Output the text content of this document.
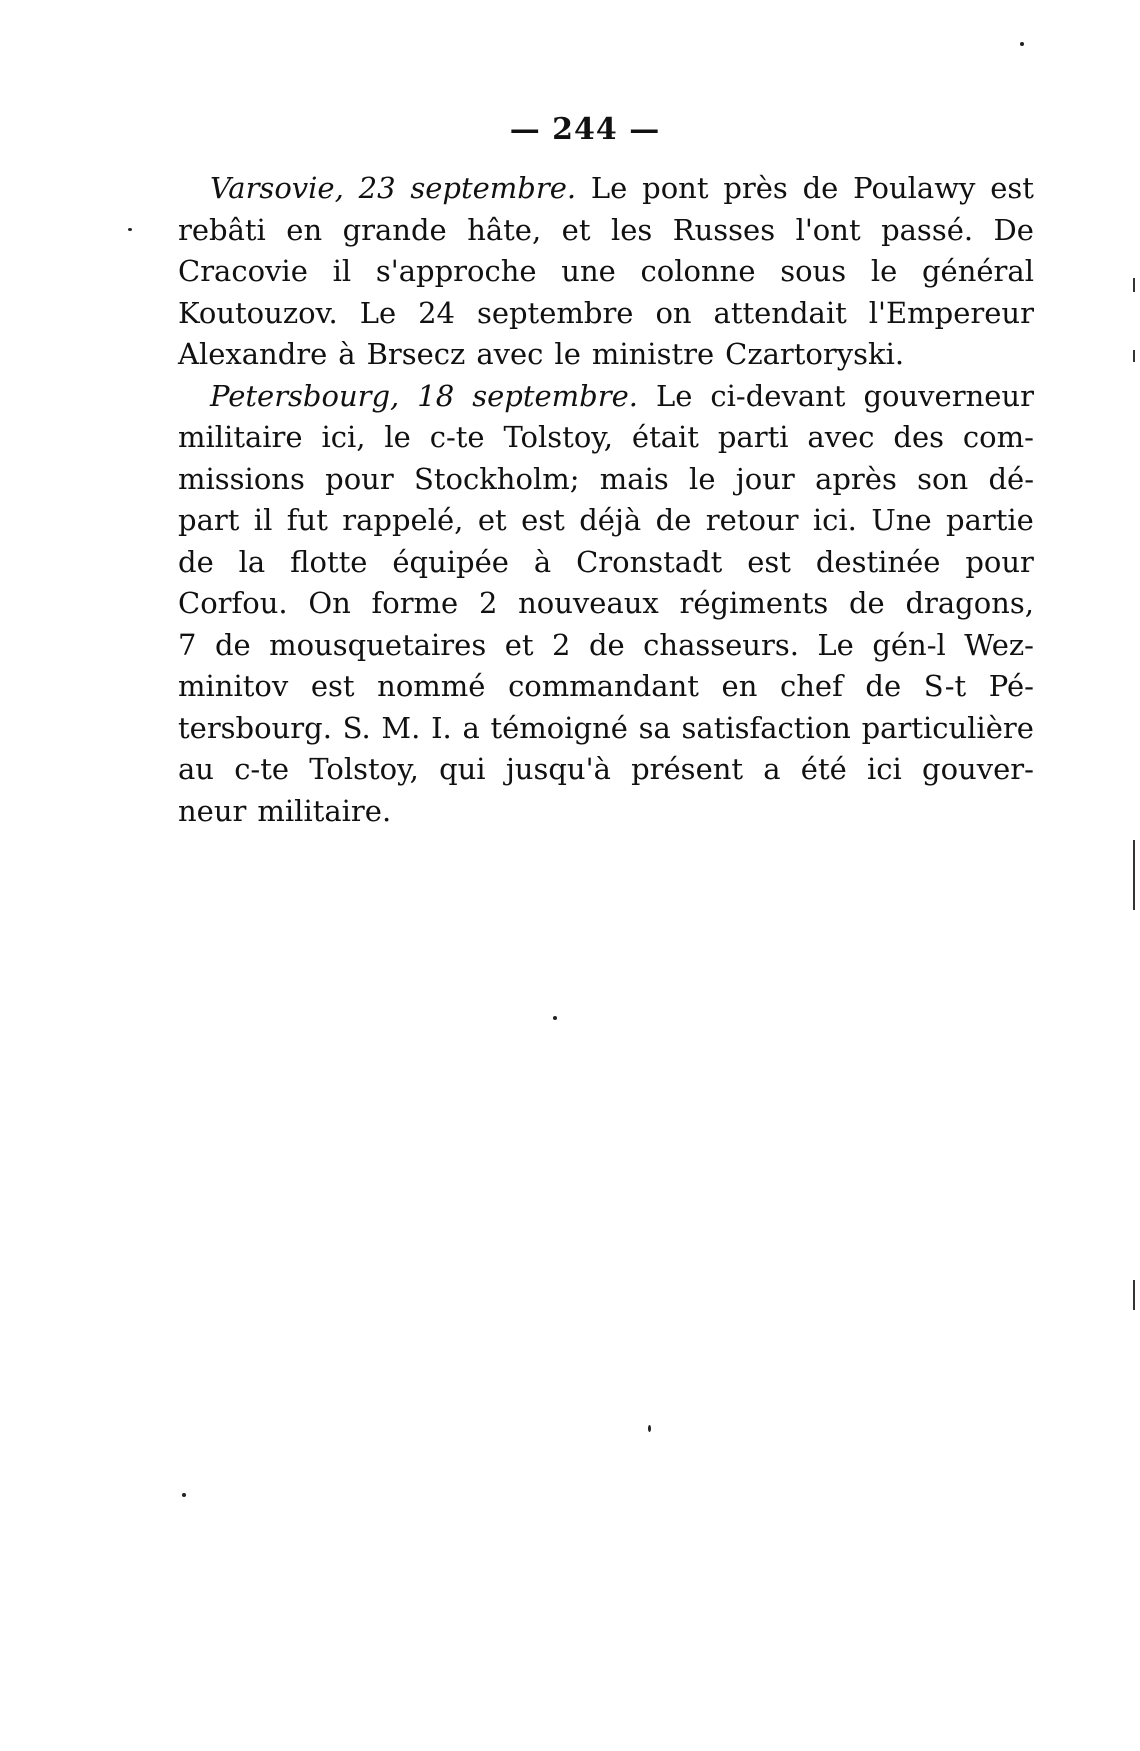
— 244 —
Varsovie, 23 septembre. Le pont près de Poulawy est
rebâti en grande hâte, et les Russes l'ont passé. De
Cracovie il s'approche une colonne sous le général
Koutouzov. Le 24 septembre on attendait l'Empereur
Alexandre à Brsecz avec le ministre Czartoryski.
Petersbourg, 18 septembre. Le ci-devant gouverneur
militaire ici, le c-te Tolstoy, était parti avec des com-
missions pour Stockholm; mais le jour après son dé-
part il fut rappelé, et est déjà de retour ici. Une partie
de la flotte équipée à Cronstadt est destinée pour
Corfou. On forme 2 nouveaux régiments de dragons,
7 de mousquetaires et 2 de chasseurs. Le gén-l Wez-
minitov est nommé commandant en chef de S-t Pé-
tersbourg. S. M. I. a témoigné sa satisfaction particulière
au c-te Tolstoy, qui jusqu'à présent a été ici gouver-
neur militaire.
